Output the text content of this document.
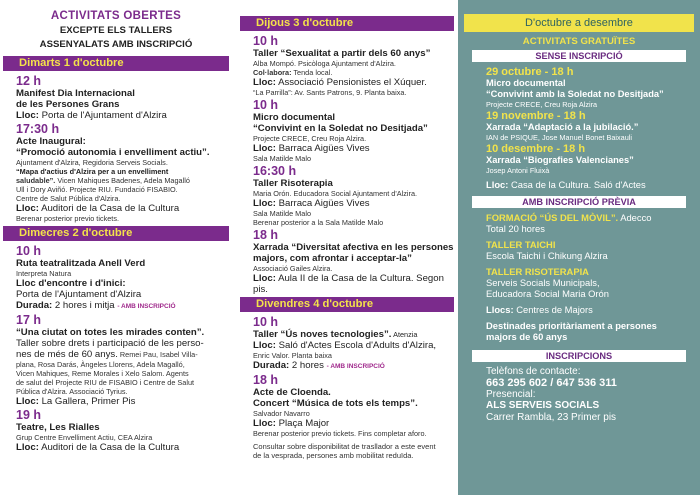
ACTIVITATS OBERTES
EXCEPTE ELS TALLERS
ASSENYALATS AMB INSCRIPCIÓ
Dimarts 1 d'octubre
12 h
Manifest Dia Internacional
de les Persones Grans
Lloc: Porta de l'Ajuntament d'Alzira
17:30 h
Acte Inaugural:
“Promoció autonomia i envelliment actiu”.
Ajuntament d'Alzira, Regidoria Serveis Socials.
“Mapa d'actius d'Alzira per a un envelliment
saludable”. Vicen Mahiques Badenes, Adela Magalló
Ull i Dory Aviñó. Projecte RIU. Fundació FISABIO.
Centre de Salut Pública d'Alzira.
Lloc: Auditori de la Casa de la Cultura
Berenar posterior previo tickets.
Dimecres 2 d'octubre
10 h
Ruta teatralitzada Anell Verd
Interpreta Natura
Lloc d'encontre i d'inici:
Porta de l'Ajuntament d'Alzira
Durada: 2 hores i mitja - AMB INSCRIPCIÓ
17 h
“Una ciutat on totes les mirades conten”.
Taller sobre drets i participació de les perso-
nes de més de 60 anys. Remei Pau, Isabel Villa-
plana, Rosa Darás, Àngeles Llorens, Adela Magalló,
Vicen Mahiques, Reme Morales i Xelo Salom. Agents
de salut del Projecte RIU de FISABIO i Centre de Salut
Pública d'Alzira. Associació Tyrius.
Lloc: La Gallera, Primer Pis
19 h
Teatre, Les Rialles
Grup Centre Envelliment Actiu, CEA Alzira
Lloc: Auditori de la Casa de la Cultura
Dijous 3 d'octubre
10 h
Taller “Sexualitat a partir dels 60 anys”
Alba Mompó. Psicòloga Ajuntament d'Alzira.
Col·labora: Tenda local.
Lloc: Associació Pensionistes el Xúquer.
“La Parrilla”: Av. Sants Patrons, 9. Planta baixa.
10 h
Micro documental
“Convivint en la Soledat no Desitjada”
Projecte CRECE, Creu Roja Alzira.
Lloc: Barraca Aigües Vives
Sala Matilde Malo
16:30 h
Taller Risoterapia
Maria Orón. Educadora Social Ajuntament d'Alzira.
Lloc: Barraca Aigües Vives
Sala Matilde Malo
Berenar posterior a la Sala Matilde Malo
18 h
Xarrada “Diversitat afectiva en les persones
majors, com afrontar i acceptar-la”
Associació Gailes Alzira.
Lloc: Aula II de la Casa de la Cultura. Segon pis.
Divendres 4 d'octubre
10 h
Taller “Ús noves tecnologies”. Atenzia
Lloc: Saló d'Actes Escola d'Adults d'Alzira,
Enric Valor. Planta baixa
Durada: 2 hores - AMB INSCRIPCIÓ
18 h
Acte de Cloenda.
Concert “Música de tots els temps”.
Salvador Navarro
Lloc: Plaça Major
Berenar posterior previo tickets. Fins completar aforo.
Consultar sobre disponibilitat de trasllador a este event
de la vesprada, persones amb mobilitat reduïda.
D'octubre a desembre
ACTIVITATS GRATUÏTES
SENSE INSCRIPCIÓ
29 octubre - 18 h
Micro documental
“Convivint amb la Soledat no Desitjada”
Projecte CRECE, Creu Roja Alzira
19 novembre - 18 h
Xarrada “Adaptació a la jubilació.”
IAN de PSIQUE, Jose Manuel Bonet Baixauli
10 desembre - 18 h
Xarrada “Biografies Valencianes”
Josep Antoni Fluixà
Lloc: Casa de la Cultura. Saló d'Actes
AMB INSCRIPCIÓ PRÈVIA
FORMACIÓ “ÚS DEL MÒVIL”. Adecco
Total 20 hores
TALLER TAICHI
Escola Taichi i Chikung Alzira
TALLER RISOTERAPIA
Serveis Socials Municipals,
Educadora Social Maria Orón
Llocs: Centres de Majors
Destinades prioritàriament a persones
majors de 60 anys
INSCRIPCIONS
Telèfons de contacte:
663 295 602 / 647 536 311
Presencial:
ALS SERVEIS SOCIALS
Carrer Rambla, 23 Primer pis
